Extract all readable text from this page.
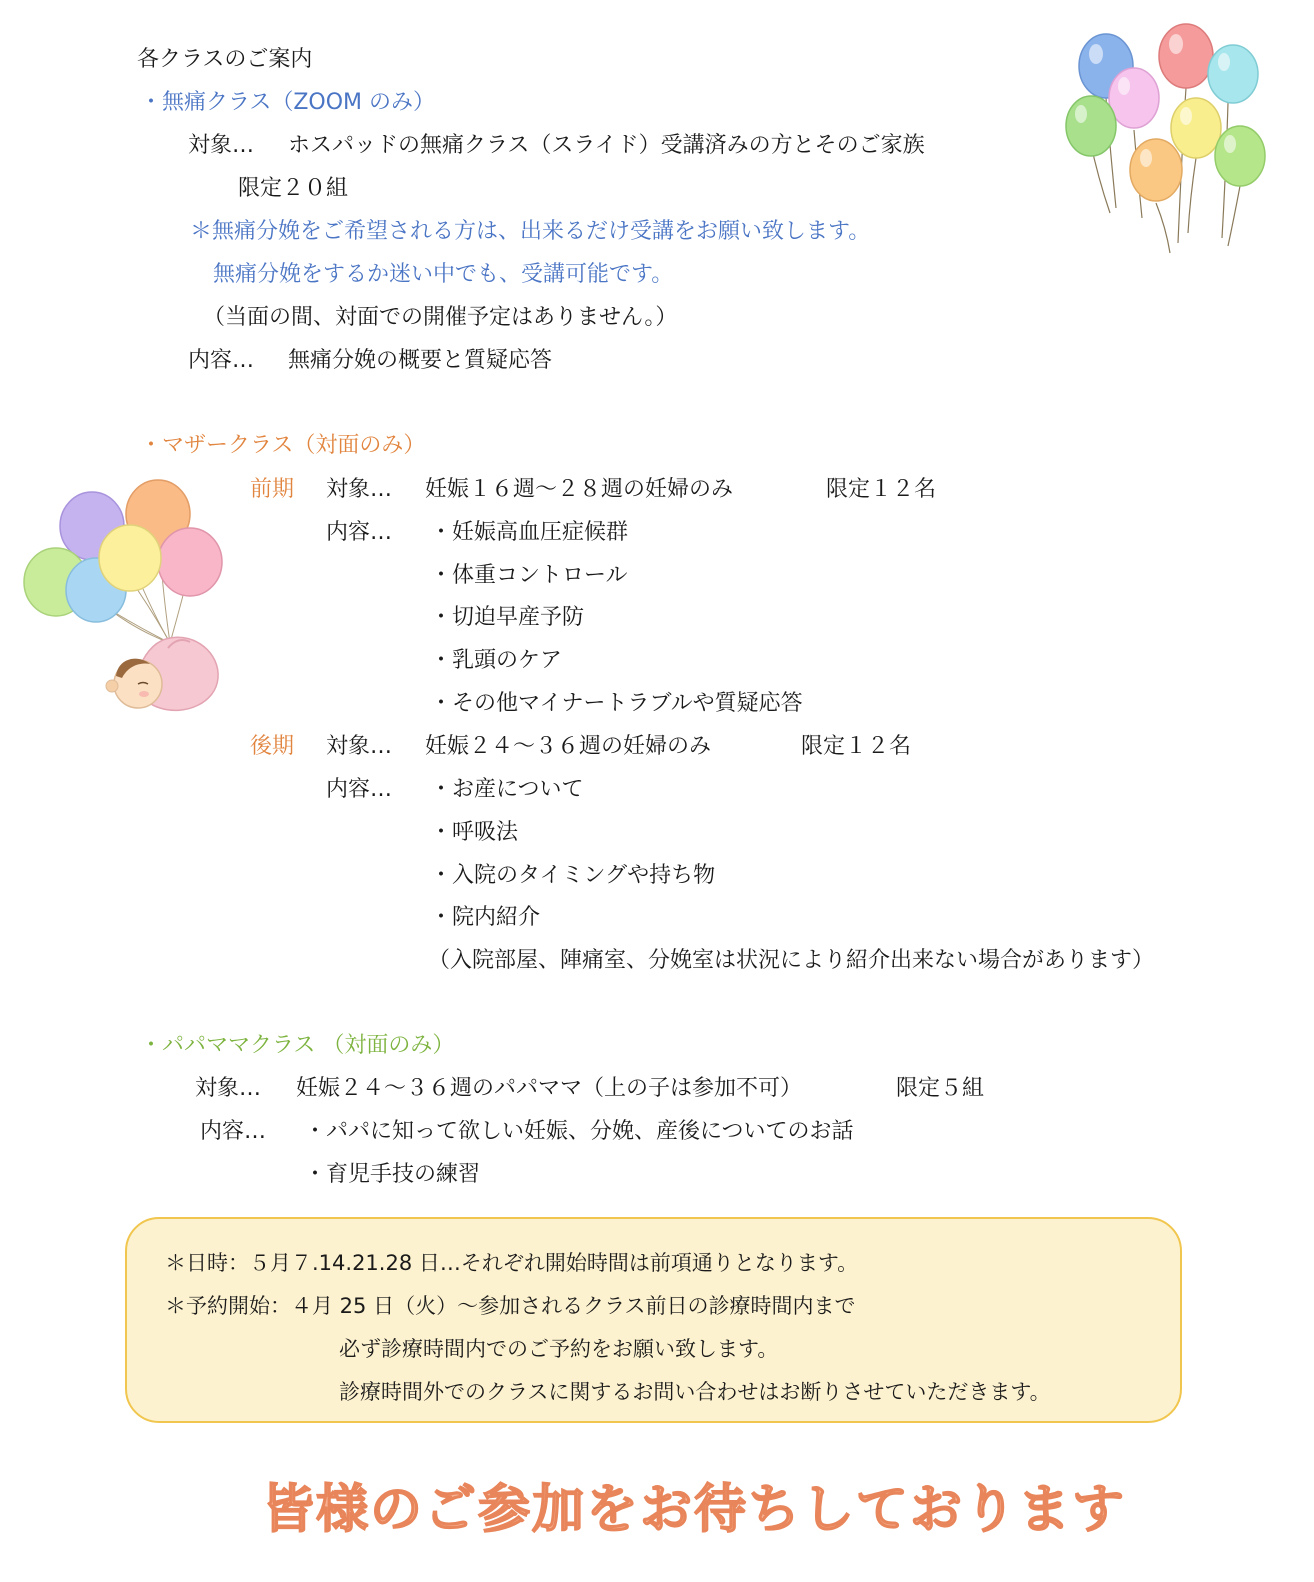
各クラスのご案内
・無痛クラス（ZOOM のみ）
対象… ホスパッドの無痛クラス（スライド）受講済みの方とそのご家族
限定２０組
＊無痛分娩をご希望される方は、出来るだけ受講をお願い致します。
無痛分娩をするか迷い中でも、受講可能です。
（当面の間、対面での開催予定はありません。）
内容… 無痛分娩の概要と質疑応答
・マザークラス（対面のみ）
前期 対象… 妊娠１６週～２８週の妊婦のみ	限定１２名
内容… ・妊娠高血圧症候群
・体重コントロール
・切迫早産予防
・乳頭のケア
・その他マイナートラブルや質疑応答
後期 対象… 妊娠２４～３６週の妊婦のみ	限定１２名
内容… ・お産について
・呼吸法
・入院のタイミングや持ち物
・院内紹介
（入院部屋、陣痛室、分娩室は状況により紹介出来ない場合があります）
・パパママクラス （対面のみ）
対象… 妊娠２４～３６週のパパママ（上の子は参加不可）	限定５組
内容… ・パパに知って欲しい妊娠、分娩、産後についてのお話
・育児手技の練習
＊日時：５月７.14.21.28 日…それぞれ開始時間は前項通りとなります。
＊予約開始：４月 25 日（火）～参加されるクラス前日の診療時間内まで
必ず診療時間内でのご予約をお願い致します。
診療時間外でのクラスに関するお問い合わせはお断りさせていただきます。
皆様のご参加をお待ちしております
